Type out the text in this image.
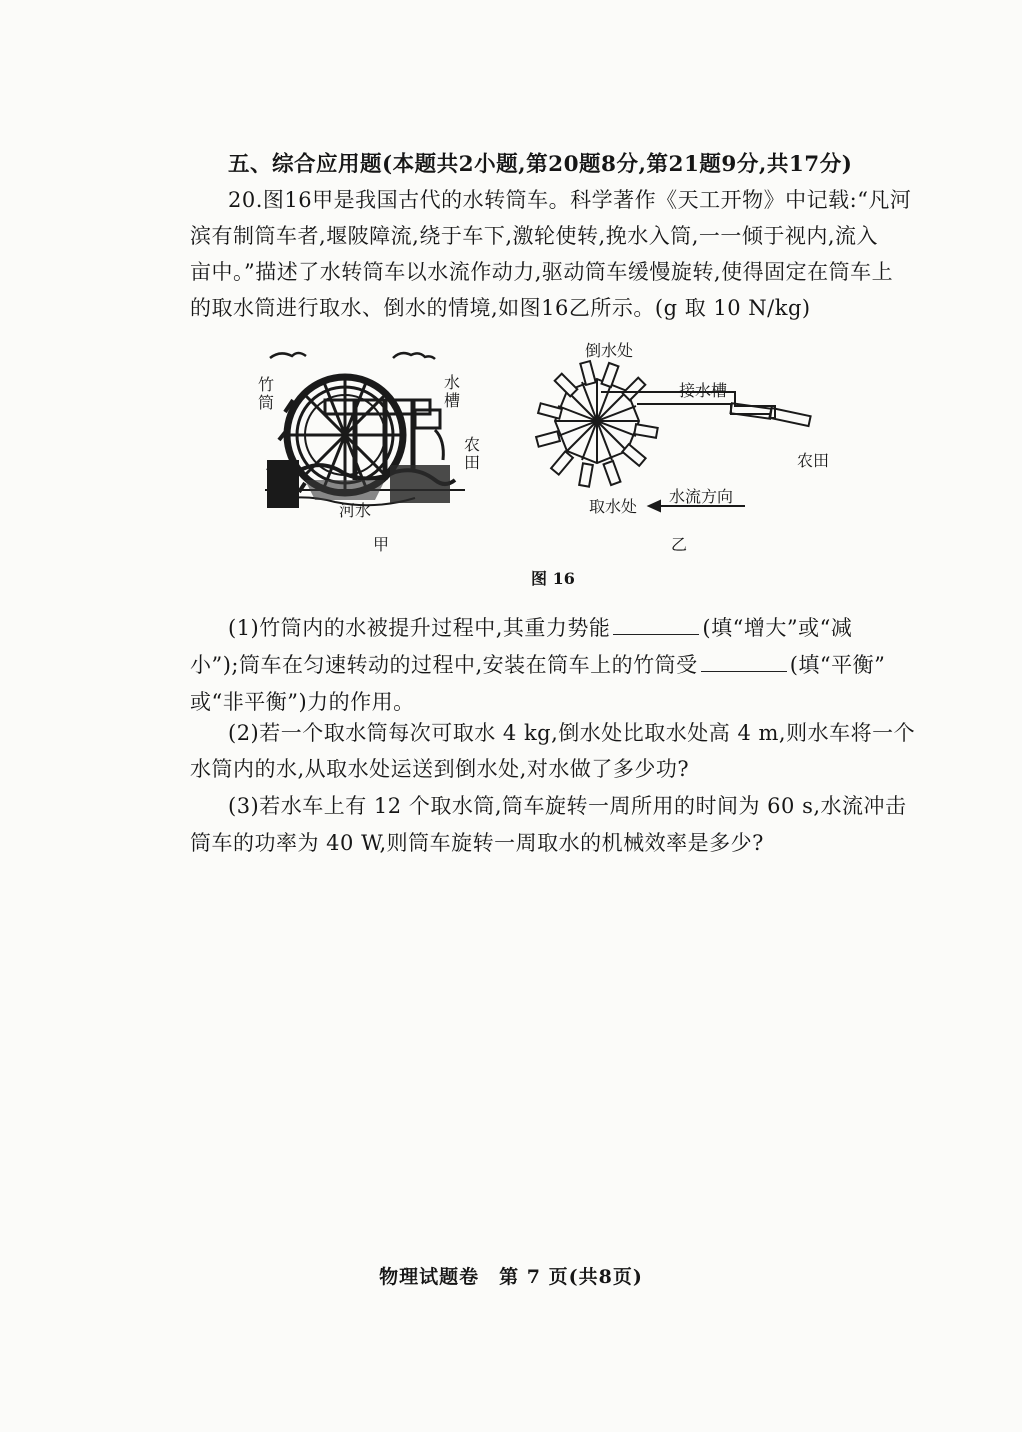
五、综合应用题(本题共2小题,第20题8分,第21题9分,共17分)
20.图16甲是我国古代的水转筒车。科学著作《天工开物》中记载:“凡河
滨有制筒车者,堰陂障流,绕于车下,激轮使转,挽水入筒,一一倾于视内,流入
亩中。”描述了水转筒车以水流作动力,驱动筒车缓慢旋转,使得固定在筒车上
的取水筒进行取水、倒水的情境,如图16乙所示。(g 取 10 N/kg)
竹筒
水槽
农田
河水
甲
倒水处
接水槽
农田
水流方向
取水处
乙
图 16
(1)竹筒内的水被提升过程中,其重力势能	(填“增大”或“减
小”);筒车在匀速转动的过程中,安装在筒车上的竹筒受	(填“平衡”
或“非平衡”)力的作用。
(2)若一个取水筒每次可取水 4 kg,倒水处比取水处高 4 m,则水车将一个
水筒内的水,从取水处运送到倒水处,对水做了多少功?
(3)若水车上有 12 个取水筒,筒车旋转一周所用的时间为 60 s,水流冲击
筒车的功率为 40 W,则筒车旋转一周取水的机械效率是多少?
物理试题卷　第 7 页(共8页)
